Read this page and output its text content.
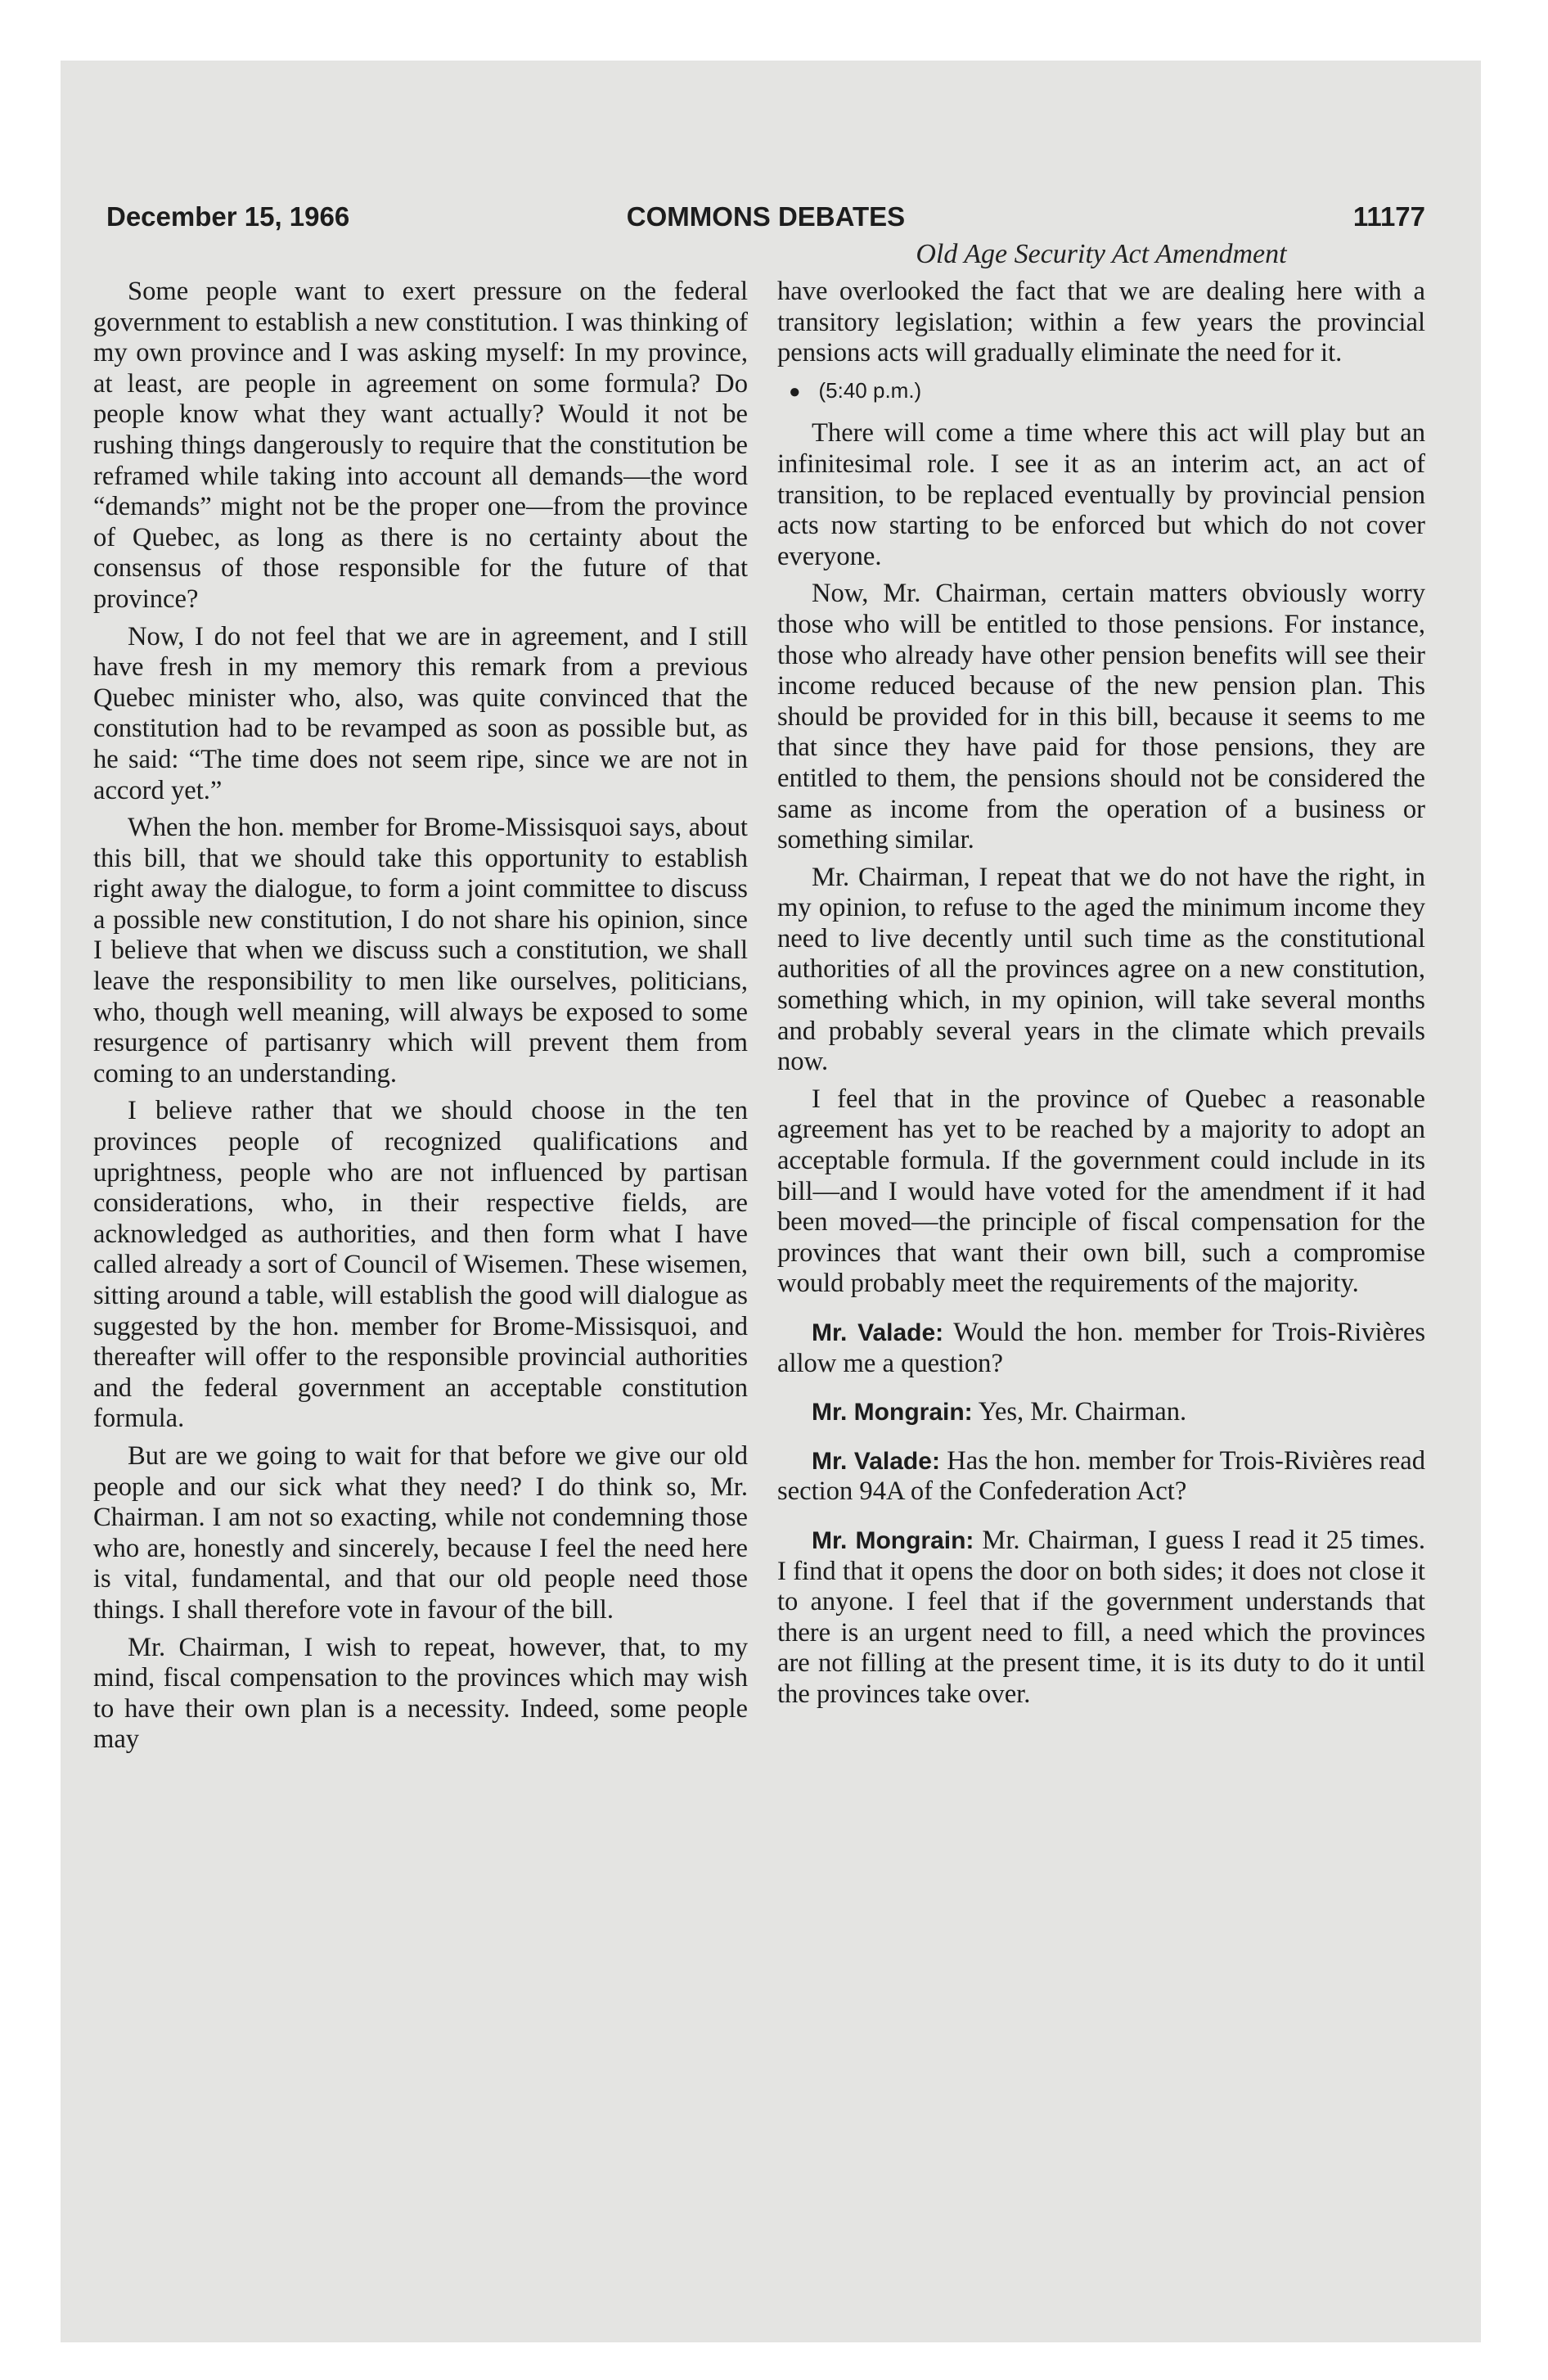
December 15, 1966	COMMONS DEBATES	11177
Old Age Security Act Amendment

Some people want to exert pressure on the federal government to establish a new constitution. I was thinking of my own province and I was asking myself: In my province, at least, are people in agreement on some formula? Do people know what they want actually? Would it not be rushing things dangerously to require that the constitution be reframed while taking into account all demands—the word “demands” might not be the proper one—from the province of Quebec, as long as there is no certainty about the consensus of those responsible for the future of that province?

Now, I do not feel that we are in agreement, and I still have fresh in my memory this remark from a previous Quebec minister who, also, was quite convinced that the constitution had to be revamped as soon as possible but, as he said: “The time does not seem ripe, since we are not in accord yet.”

When the hon. member for Brome-Missisquoi says, about this bill, that we should take this opportunity to establish right away the dialogue, to form a joint committee to discuss a possible new constitution, I do not share his opinion, since I believe that when we discuss such a constitution, we shall leave the responsibility to men like ourselves, politicians, who, though well meaning, will always be exposed to some resurgence of partisanry which will prevent them from coming to an understanding.

I believe rather that we should choose in the ten provinces people of recognized qualifications and uprightness, people who are not influenced by partisan considerations, who, in their respective fields, are acknowledged as authorities, and then form what I have called already a sort of Council of Wisemen. These wisemen, sitting around a table, will establish the good will dialogue as suggested by the hon. member for Brome-Missisquoi, and thereafter will offer to the responsible provincial authorities and the federal government an acceptable constitution formula.

But are we going to wait for that before we give our old people and our sick what they need? I do think so, Mr. Chairman. I am not so exacting, while not condemning those who are, honestly and sincerely, because I feel the need here is vital, fundamental, and that our old people need those things. I shall therefore vote in favour of the bill.

Mr. Chairman, I wish to repeat, however, that, to my mind, fiscal compensation to the provinces which may wish to have their own plan is a necessity. Indeed, some people may

have overlooked the fact that we are dealing here with a transitory legislation; within a few years the provincial pensions acts will gradually eliminate the need for it.

● (5:40 p.m.)

There will come a time where this act will play but an infinitesimal role. I see it as an interim act, an act of transition, to be replaced eventually by provincial pension acts now starting to be enforced but which do not cover everyone.

Now, Mr. Chairman, certain matters obviously worry those who will be entitled to those pensions. For instance, those who already have other pension benefits will see their income reduced because of the new pension plan. This should be provided for in this bill, because it seems to me that since they have paid for those pensions, they are entitled to them, the pensions should not be considered the same as income from the operation of a business or something similar.

Mr. Chairman, I repeat that we do not have the right, in my opinion, to refuse to the aged the minimum income they need to live decently until such time as the constitutional authorities of all the provinces agree on a new constitution, something which, in my opinion, will take several months and probably several years in the climate which prevails now.

I feel that in the province of Quebec a reasonable agreement has yet to be reached by a majority to adopt an acceptable formula. If the government could include in its bill—and I would have voted for the amendment if it had been moved—the principle of fiscal compensation for the provinces that want their own bill, such a compromise would probably meet the requirements of the majority.

Mr. Valade: Would the hon. member for Trois-Rivières allow me a question?

Mr. Mongrain: Yes, Mr. Chairman.

Mr. Valade: Has the hon. member for Trois-Rivières read section 94A of the Confederation Act?

Mr. Mongrain: Mr. Chairman, I guess I read it 25 times. I find that it opens the door on both sides; it does not close it to anyone. I feel that if the government understands that there is an urgent need to fill, a need which the provinces are not filling at the present time, it is its duty to do it until the provinces take over.
